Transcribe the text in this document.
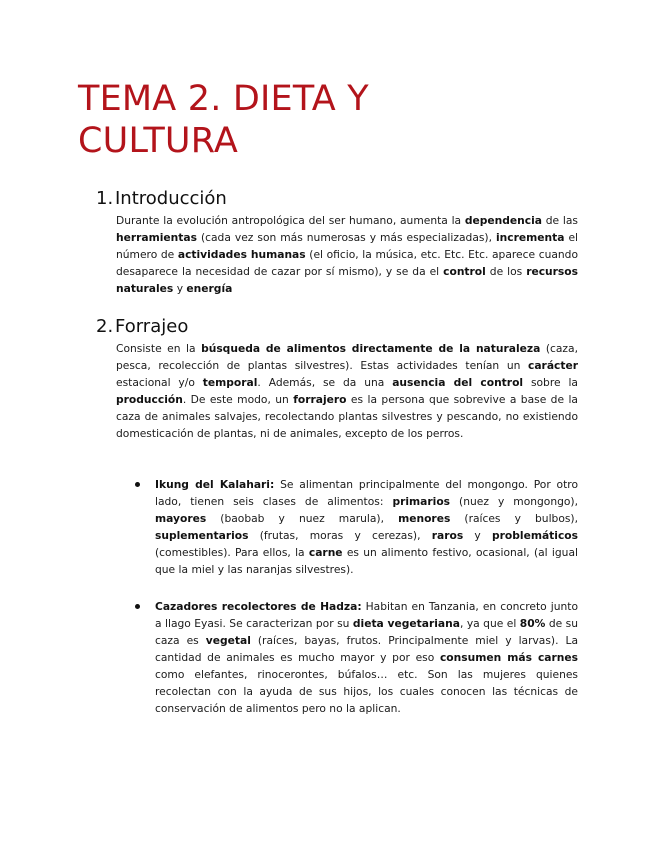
TEMA 2. DIETA Y
CULTURA
1. Introducción

Durante la evolución antropológica del ser humano, aumenta la dependencia de las herramientas (cada vez son más numerosas y más especializadas), incrementa el número de actividades humanas (el oficio, la música, etc. Etc. Etc. aparece cuando desaparece la necesidad de cazar por sí mismo), y se da el control de los recursos naturales y energía

2. Forrajeo

Consiste en la búsqueda de alimentos directamente de la naturaleza (caza, pesca, recolección de plantas silvestres). Estas actividades tenían un carácter estacional y/o temporal. Además, se da una ausencia del control sobre la producción. De este modo, un forrajero es la persona que sobrevive a base de la caza de animales salvajes, recolectando plantas silvestres y pescando, no existiendo domesticación de plantas, ni de animales, excepto de los perros.

Ikung del Kalahari: Se alimentan principalmente del mongongo. Por otro lado, tienen seis clases de alimentos: primarios (nuez y mongongo), mayores (baobab y nuez marula), menores (raíces y bulbos), suplementarios (frutas, moras y cerezas), raros y problemáticos (comestibles). Para ellos, la carne es un alimento festivo, ocasional, (al igual que la miel y las naranjas silvestres).

Cazadores recolectores de Hadza: Habitan en Tanzania, en concreto junto a llago Eyasi. Se caracterizan por su dieta vegetariana, ya que el 80% de su caza es vegetal (raíces, bayas, frutos. Principalmente miel y larvas). La cantidad de animales es mucho mayor y por eso consumen más carnes como elefantes, rinocerontes, búfalos… etc. Son las mujeres quienes recolectan con la ayuda de sus hijos, los cuales conocen las técnicas de conservación de alimentos pero no la aplican.
